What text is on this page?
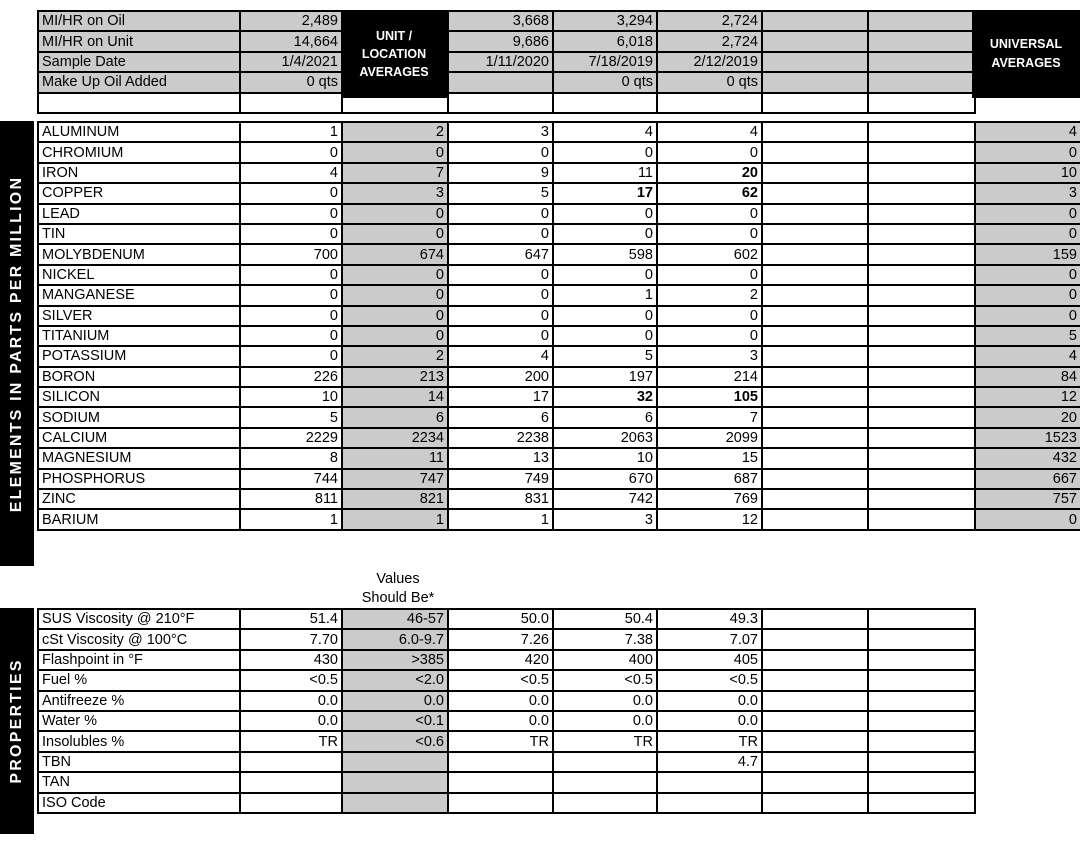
ELEMENTS IN PARTS PER MILLION
PROPERTIES
MI/HR on Oil	2,489		3,668	3,294	2,724		
MI/HR on Unit	14,664		9,686	6,018	2,724		
Sample Date	1/4/2021		1/11/2020	7/18/2019	2/12/2019		
Make Up Oil Added	0 qts			0 qts	0 qts		

UNIT /
LOCATION
AVERAGES
UNIVERSAL
AVERAGES
ALUMINUM	1	2	3	4	4			4
CHROMIUM	0	0	0	0	0			0
IRON	4	7	9	11	20			10
COPPER	0	3	5	17	62			3
LEAD	0	0	0	0	0			0
TIN	0	0	0	0	0			0
MOLYBDENUM	700	674	647	598	602			159
NICKEL	0	0	0	0	0			0
MANGANESE	0	0	0	1	2			0
SILVER	0	0	0	0	0			0
TITANIUM	0	0	0	0	0			5
POTASSIUM	0	2	4	5	3			4
BORON	226	213	200	197	214			84
SILICON	10	14	17	32	105			12
SODIUM	5	6	6	6	7			20
CALCIUM	2229	2234	2238	2063	2099			1523
MAGNESIUM	8	11	13	10	15			432
PHOSPHORUS	744	747	749	670	687			667
ZINC	811	821	831	742	769			757
BARIUM	1	1	1	3	12			0
Values
Should Be*
SUS Viscosity @ 210°F	51.4	46-57	50.0	50.4	49.3		
cSt Viscosity @ 100°C	7.70	6.0-9.7	7.26	7.38	7.07		
Flashpoint in °F	430	>385	420	400	405		
Fuel %	<0.5	<2.0	<0.5	<0.5	<0.5		
Antifreeze %	0.0	0.0	0.0	0.0	0.0		
Water %	0.0	<0.1	0.0	0.0	0.0		
Insolubles %	TR	<0.6	TR	TR	TR		
TBN					4.7		
TAN							
ISO Code							
